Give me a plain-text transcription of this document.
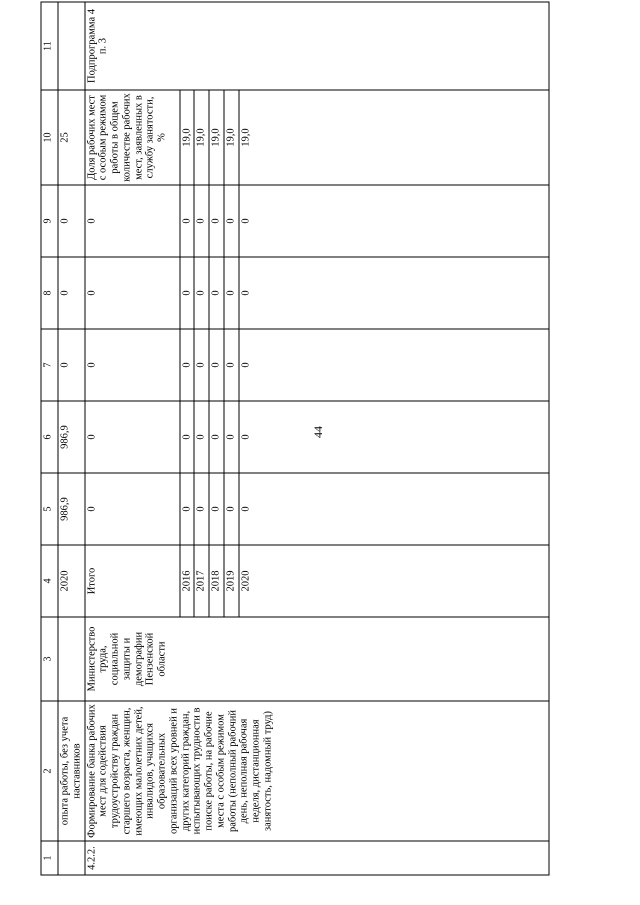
44
1	2	3	4	5	6	7	8	9	10	11
	опыта работы, без учета наставников		2020	986,9	986,9	0	0	0	25	
4.2.2.	Формирование банка рабочих мест для содействия трудоустройству граждан старшего возраста, женщин, имеющих малолетних детей, инвалидов, учащихся образовательных организаций всех уровней и других категорий граждан, испытывающих трудности в поиске работы, на рабочие места с особым режимом работы (неполный рабочий день, неполная рабочая неделя, дистанционная занятость, надомный труд)	Министерство труда, социальной защиты и демографии Пензенской области	Итого	0	0	0	0	0	Доля рабочих мест с особым режимом работы в общем количестве рабочих мест, заявленных в службу занятости, %	Подпрограмма 4 п. 3
			2016	0	0	0	0	0	19,0	
			2017	0	0	0	0	0	19,0	
			2018	0	0	0	0	0	19,0	
			2019	0	0	0	0	0	19,0	
			2020	0	0	0	0	0	19,0	
